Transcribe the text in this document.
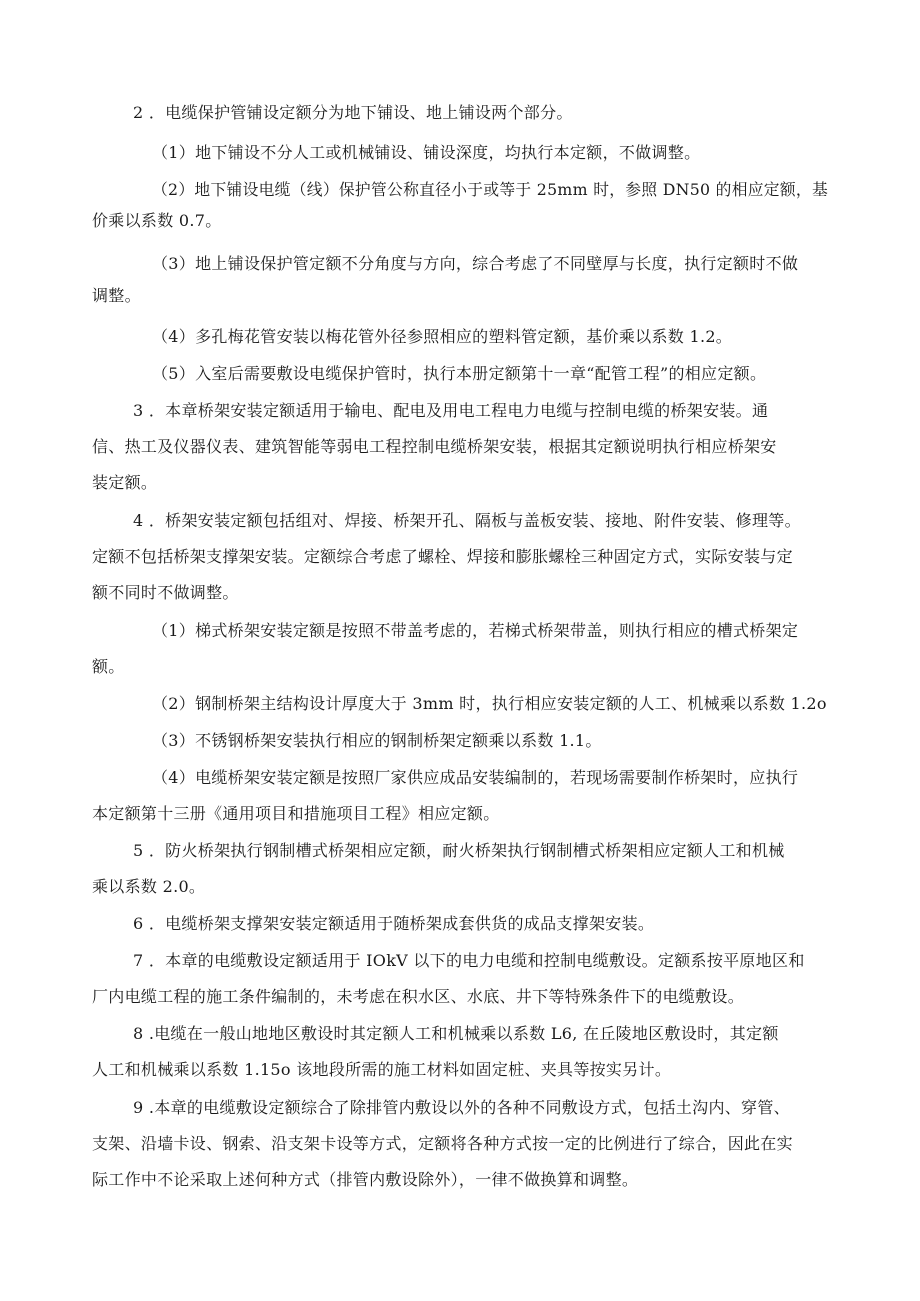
2 ．电缆保护管铺设定额分为地下铺设、地上铺设两个部分。
（1）地下铺设不分人工或机械铺设、铺设深度，均执行本定额，不做调整。
（2）地下铺设电缆（线）保护管公称直径小于或等于 25mm 时，参照 DN50 的相应定额，基
价乘以系数 0.7。
（3）地上铺设保护管定额不分角度与方向，综合考虑了不同壁厚与长度，执行定额时不做
调整。
（4）多孔梅花管安装以梅花管外径参照相应的塑料管定额，基价乘以系数 1.2。
（5）入室后需要敷设电缆保护管时，执行本册定额第十一章“配管工程”的相应定额。
3 ．本章桥架安装定额适用于输电、配电及用电工程电力电缆与控制电缆的桥架安装。通
信、热工及仪器仪表、建筑智能等弱电工程控制电缆桥架安装，根据其定额说明执行相应桥架安
装定额。
4 ．桥架安装定额包括组对、焊接、桥架开孔、隔板与盖板安装、接地、附件安装、修理等。
定额不包括桥架支撑架安装。定额综合考虑了螺栓、焊接和膨胀螺栓三种固定方式，实际安装与定
额不同时不做调整。
（1）梯式桥架安装定额是按照不带盖考虑的，若梯式桥架带盖，则执行相应的槽式桥架定
额。
（2）钢制桥架主结构设计厚度大于 3mm 时，执行相应安装定额的人工、机械乘以系数 1.2o
（3）不锈钢桥架安装执行相应的钢制桥架定额乘以系数 1.1。
（4）电缆桥架安装定额是按照厂家供应成品安装编制的，若现场需要制作桥架时，应执行
本定额第十三册《通用项目和措施项目工程》相应定额。
5 ．防火桥架执行钢制槽式桥架相应定额，耐火桥架执行钢制槽式桥架相应定额人工和机械
乘以系数 2.0。
6 ．电缆桥架支撑架安装定额适用于随桥架成套供货的成品支撑架安装。
7 ．本章的电缆敷设定额适用于 IOkV 以下的电力电缆和控制电缆敷设。定额系按平原地区和
厂内电缆工程的施工条件编制的，未考虑在积水区、水底、井下等特殊条件下的电缆敷设。
8 .电缆在一般山地地区敷设时其定额人工和机械乘以系数 L6, 在丘陵地区敷设时，其定额
人工和机械乘以系数 1.15o 该地段所需的施工材料如固定桩、夹具等按实另计。
9 .本章的电缆敷设定额综合了除排管内敷设以外的各种不同敷设方式，包括土沟内、穿管、
支架、沿墙卡设、钢索、沿支架卡设等方式，定额将各种方式按一定的比例进行了综合，因此在实
际工作中不论采取上述何种方式（排管内敷设除外），一律不做换算和调整。
